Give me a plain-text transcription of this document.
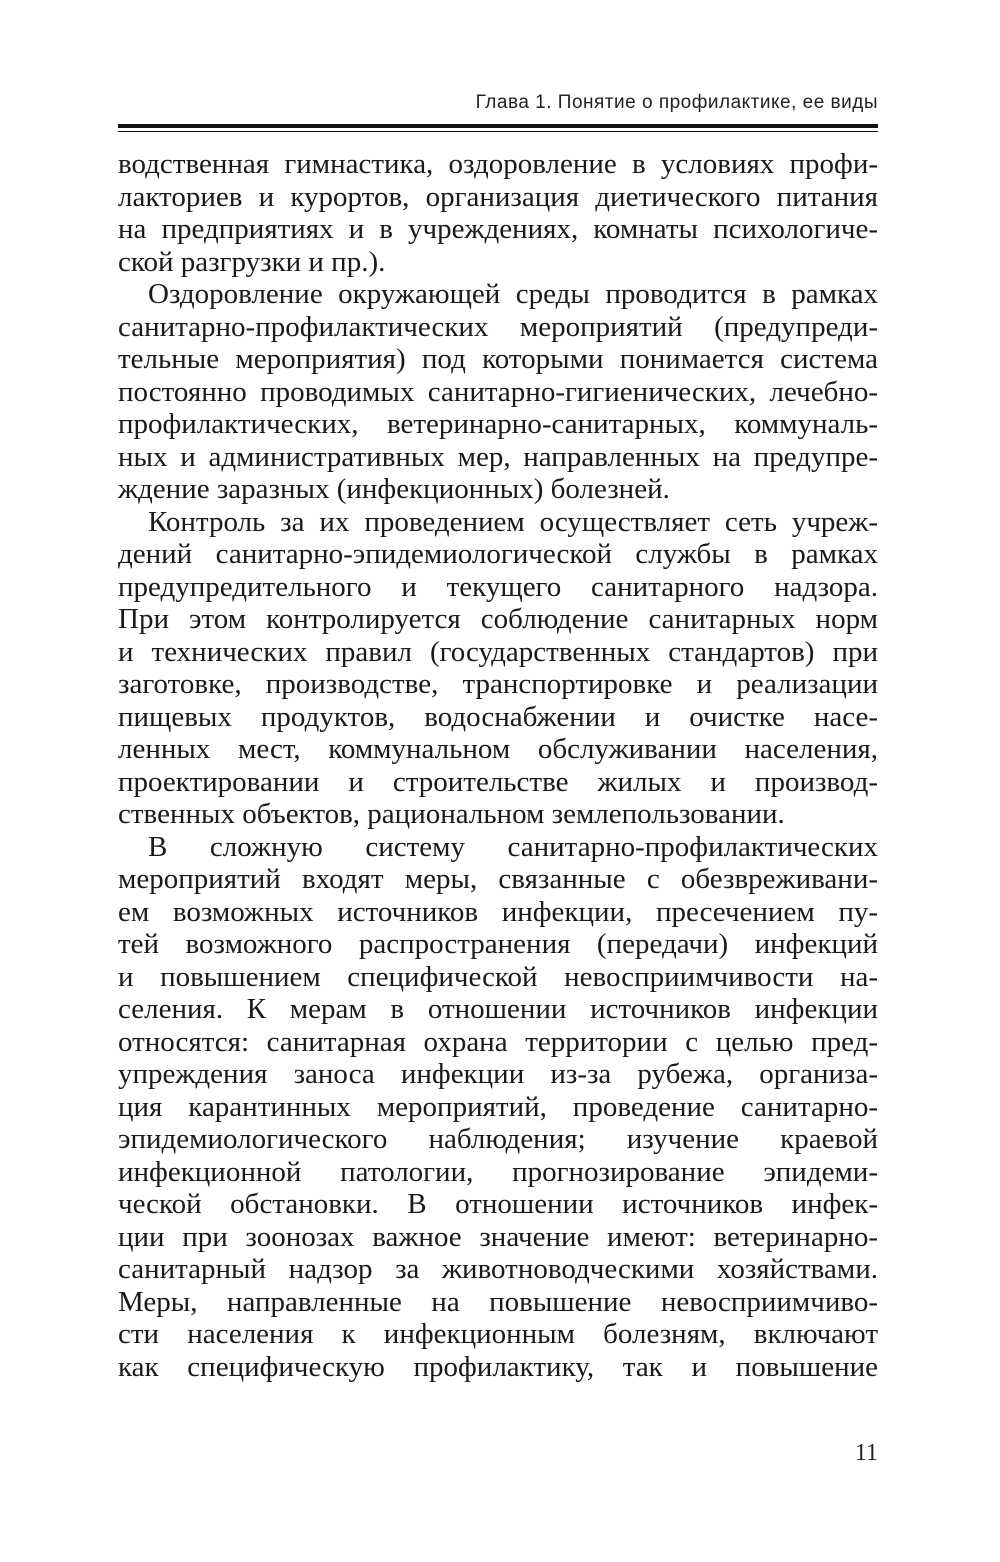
Глава 1. Понятие о профилактике, ее виды

водственная гимнастика, оздоровление в условиях профи-
лакториев и курортов, организация диетического питания
на предприятиях и в учреждениях, комнаты психологиче-
ской разгрузки и пр.).

Оздоровление окружающей среды проводится в рамках
санитарно-профилактических мероприятий (предупреди-
тельные мероприятия) под которыми понимается система
постоянно проводимых санитарно-гигиенических, лечебно-
профилактических, ветеринарно-санитарных, коммуналь-
ных и административных мер, направленных на предупре-
ждение заразных (инфекционных) болезней.

Контроль за их проведением осуществляет сеть учреж-
дений санитарно-эпидемиологической службы в рамках
предупредительного и текущего санитарного надзора.
При этом контролируется соблюдение санитарных норм
и технических правил (государственных стандартов) при
заготовке, производстве, транспортировке и реализации
пищевых продуктов, водоснабжении и очистке насе-
ленных мест, коммунальном обслуживании населения,
проектировании и строительстве жилых и производ-
ственных объектов, рациональном землепользовании.

В сложную систему санитарно-профилактических
мероприятий входят меры, связанные с обезвреживани-
ем возможных источников инфекции, пресечением пу-
тей возможного распространения (передачи) инфекций
и повышением специфической невосприимчивости на-
селения. К мерам в отношении источников инфекции
относятся: санитарная охрана территории с целью пред-
упреждения заноса инфекции из-за рубежа, организа-
ция карантинных мероприятий, проведение санитарно-
эпидемиологического наблюдения; изучение краевой
инфекционной патологии, прогнозирование эпидеми-
ческой обстановки. В отношении источников инфек-
ции при зоонозах важное значение имеют: ветеринарно-
санитарный надзор за животноводческими хозяйствами.
Меры, направленные на повышение невосприимчиво-
сти населения к инфекционным болезням, включают
как специфическую профилактику, так и повышение

11
